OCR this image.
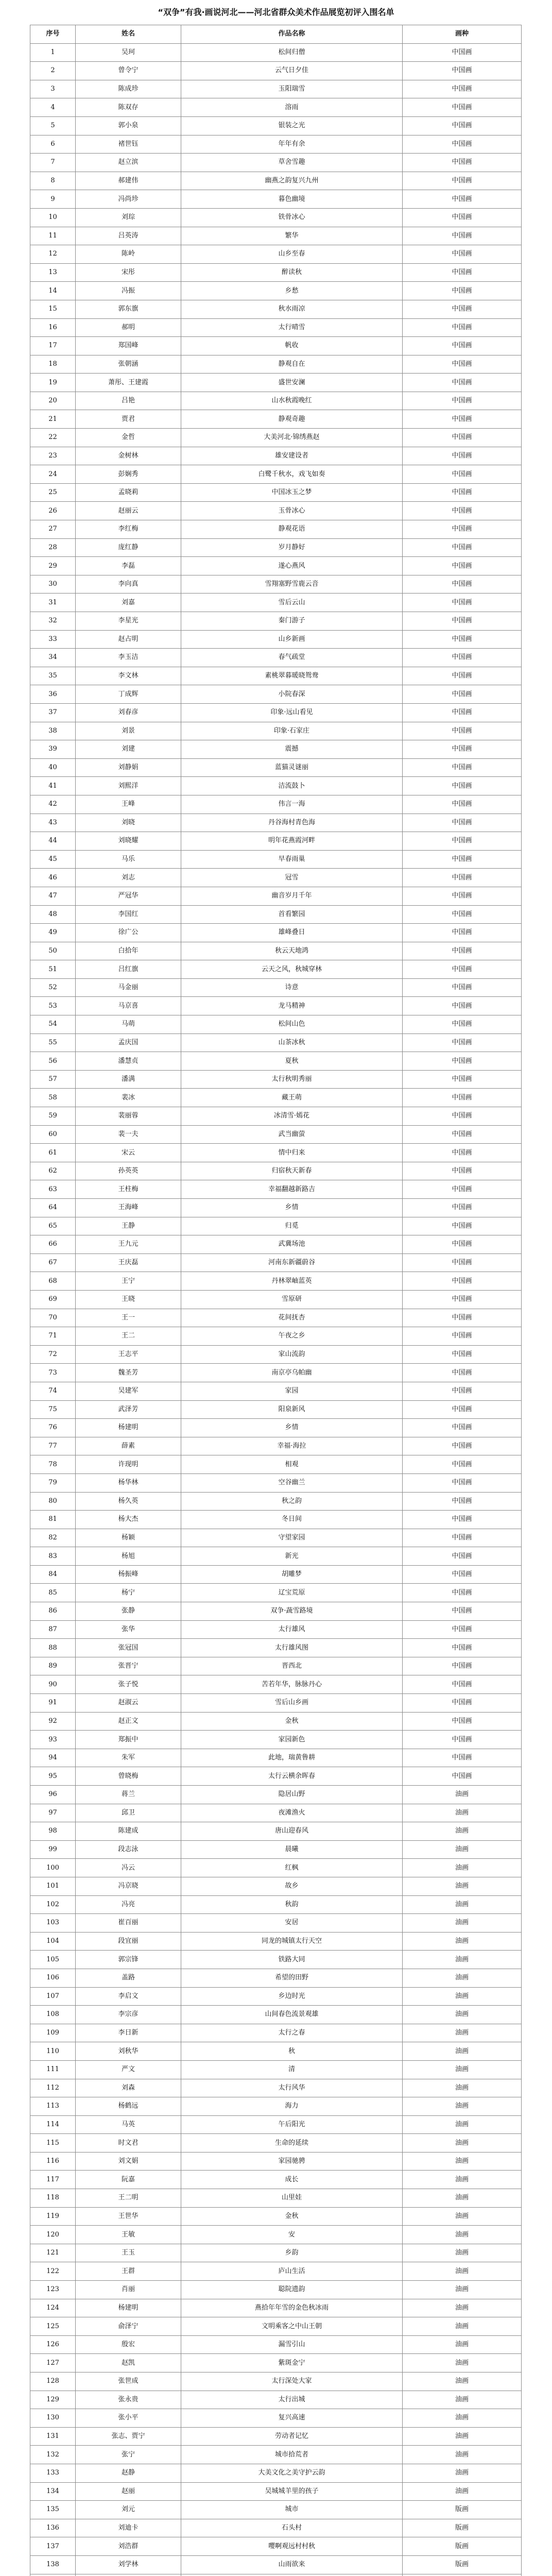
“双争”有我·画说河北——河北省群众美术作品展览初评入围名单
序号	姓名	作品名称	画种
1	吴珂	松间归僧	中国画
2	曾令宁	云气日夕佳	中国画
3	陈成珍	玉阳瑞雪	中国画
4	陈双存	溶雨	中国画
5	郭小泉	银装之光	中国画
6	褚世钰	年年有余	中国画
7	赵立滨	草舍雪趣	中国画
8	郝建伟	幽燕之韵复兴九州	中国画
9	冯尚珍	暮色幽境	中国画
10	刘琮	铁骨冰心	中国画
11	吕英涛	繁华	中国画
12	陈岭	山乡至春	中国画
13	宋彤	醉读秋	中国画
14	冯振	乡愁	中国画
15	郭东旗	秋水雨凉	中国画
16	郝明	太行晴雪	中国画
17	郑国峰	帆收	中国画
18	张朝涵	静观自在	中国画
19	萧彤、王建霞	盛世安澜	中国画
20	吕艳	山水秋霞晚红	中国画
21	贾君	静观奇趣	中国画
22	金哲	大美河北·锦绣燕赵	中国画
23	金树林	雄安建设者	中国画
24	彭娴秀	白鹭千秋水，戏飞如奏	中国画
25	孟晓莉	中国冰玉之梦	中国画
26	赵丽云	玉骨冰心	中国画
27	李红梅	静观花语	中国画
28	庞红静	岁月静好	中国画
29	李磊	遂心燕风	中国画
30	李向真	雪翔塞野雪鹿云音	中国画
31	刘嘉	雪后云山	中国画
32	李星光	秦门游子	中国画
33	赵占明	山乡新画	中国画
34	李玉洁	春气疏堂	中国画
35	李文林	素桃翠暮暖晓鸳鸯	中国画
36	丁成辉	小院春深	中国画
37	刘春彦	印象·远山看见	中国画
38	刘景	印象·石家庄	中国画
39	刘建	震撼	中国画
40	刘静娟	蓝猫灵谜丽	中国画
41	刘熙洋	洁流鼓卜	中国画
42	王峰	伟言一海	中国画
43	刘晓	丹谷海村青色海	中国画
44	刘晓耀	明年花燕霞河畔	中国画
45	马乐	早春雨巢	中国画
46	刘志	冠雪	中国画
47	严冠华	幽音岁月千年	中国画
48	李国红	首看繁园	中国画
49	徐广公	雄峰叠日	中国画
50	白拾年	秋云天地鸿	中国画
51	吕红旗	云天之风，秋城穿林	中国画
52	马金丽	诗意	中国画
53	马京喜	龙马精神	中国画
54	马萌	松间山色	中国画
55	孟庆国	山茶冰秋	中国画
56	潘慧贞	夏秋	中国画
57	潘满	太行秋明秀丽	中国画
58	裴冰	藏王萌	中国画
59	裴丽蓉	冰清雪·嫣花	中国画
60	裴一夫	武当幽萤	中国画
61	宋云	情中归来	中国画
62	孙英英	归宿秋天新春	中国画
63	王柱梅	幸福翻越新路吉	中国画
64	王海峰	乡情	中国画
65	王静	归觅	中国画
66	王九元	武冀场池	中国画
67	王庆磊	河南东新疆蔚谷	中国画
68	王宁	丹林翠岫蓝英	中国画
69	王晓	雪原研	中国画
70	王一	花间抚杏	中国画
71	王二	午夜之乡	中国画
72	王志平	家山流韵	中国画
73	魏圣芳	南京亭乌帕幽	中国画
74	吴建军	家园	中国画
75	武泽芳	阳泉新风	中国画
76	杨建明	乡情	中国画
77	薛素	幸福·海拉	中国画
78	许现明	相观	中国画
79	杨华林	空谷幽兰	中国画
80	杨久英	秋之韵	中国画
81	杨大杰	冬日间	中国画
82	杨颖	守望家园	中国画
83	杨旭	新光	中国画
84	杨振峰	胡雕梦	中国画
85	杨宁	辽宝荒原	中国画
86	张静	双争·蔬雪路境	中国画
87	张华	太行雄风	中国画
88	张冠国	太行雄风图	中国画
89	张晋宁	晋西北	中国画
90	张子悦	苦若年华，脉脉丹心	中国画
91	赵淑云	雪后山乡画	中国画
92	赵正文	金秋	中国画
93	郑振中	家园新色	中国画
94	朱军	此地，瑞黄鲁耕	中国画
95	曾晓梅	太行云横余晖春	中国画
96	蒋兰	隐居山野	油画
97	邱卫	夜滩渔火	油画
98	陈建成	唐山迎春风	油画
99	段志泳	晨曦	油画
100	冯云	红枫	油画
101	冯京晓	故乡	油画
102	冯亮	秋韵	油画
103	崔百丽	安居	油画
104	段宜丽	同龙的城镇太行天空	油画
105	郭宗锋	铁路大同	油画
106	盖路	希望的田野	油画
107	李启文	乡边时光	油画
108	李宗彦	山间春色流景观雄	油画
109	李日新	太行之春	油画
110	刘秋华	秋	油画
111	严文	清	油画
112	刘森	太行风华	油画
113	杨鹤远	海力	油画
114	马英	午后阳光	油画
115	时文君	生命的延续	油画
116	刘文娟	家园驰骋	油画
117	阮嘉	成长	油画
118	王二明	山里娃	油画
119	王世华	金秋	油画
120	王敏	安	油画
121	王玉	乡韵	油画
122	王群	庐山生活	油画
123	肖丽	聪院遗韵	油画
124	杨建明	燕拾年年雪的金色秋冰雨	油画
125	俞泽宁	文明乘客之中山王朝	油画
126	殷宏	漏雪引山	油画
127	赵凯	紫斑金宁	油画
128	张世成	太行深处大家	油画
129	张永贵	太行出城	油画
130	张小平	复兴高速	油画
131	张志、贾宁	劳动者记忆	油画
132	张宁	城市拾荒者	油画
133	赵静	大美文化之美守护云韵	油画
134	赵丽	吴城城羊里的孩子	油画
135	刘元	城市	版画
136	刘迪卡	石头村	版画
137	刘浩群	嘤啊观远村村秋	版画
138	刘学林	山雨欲来	版画
